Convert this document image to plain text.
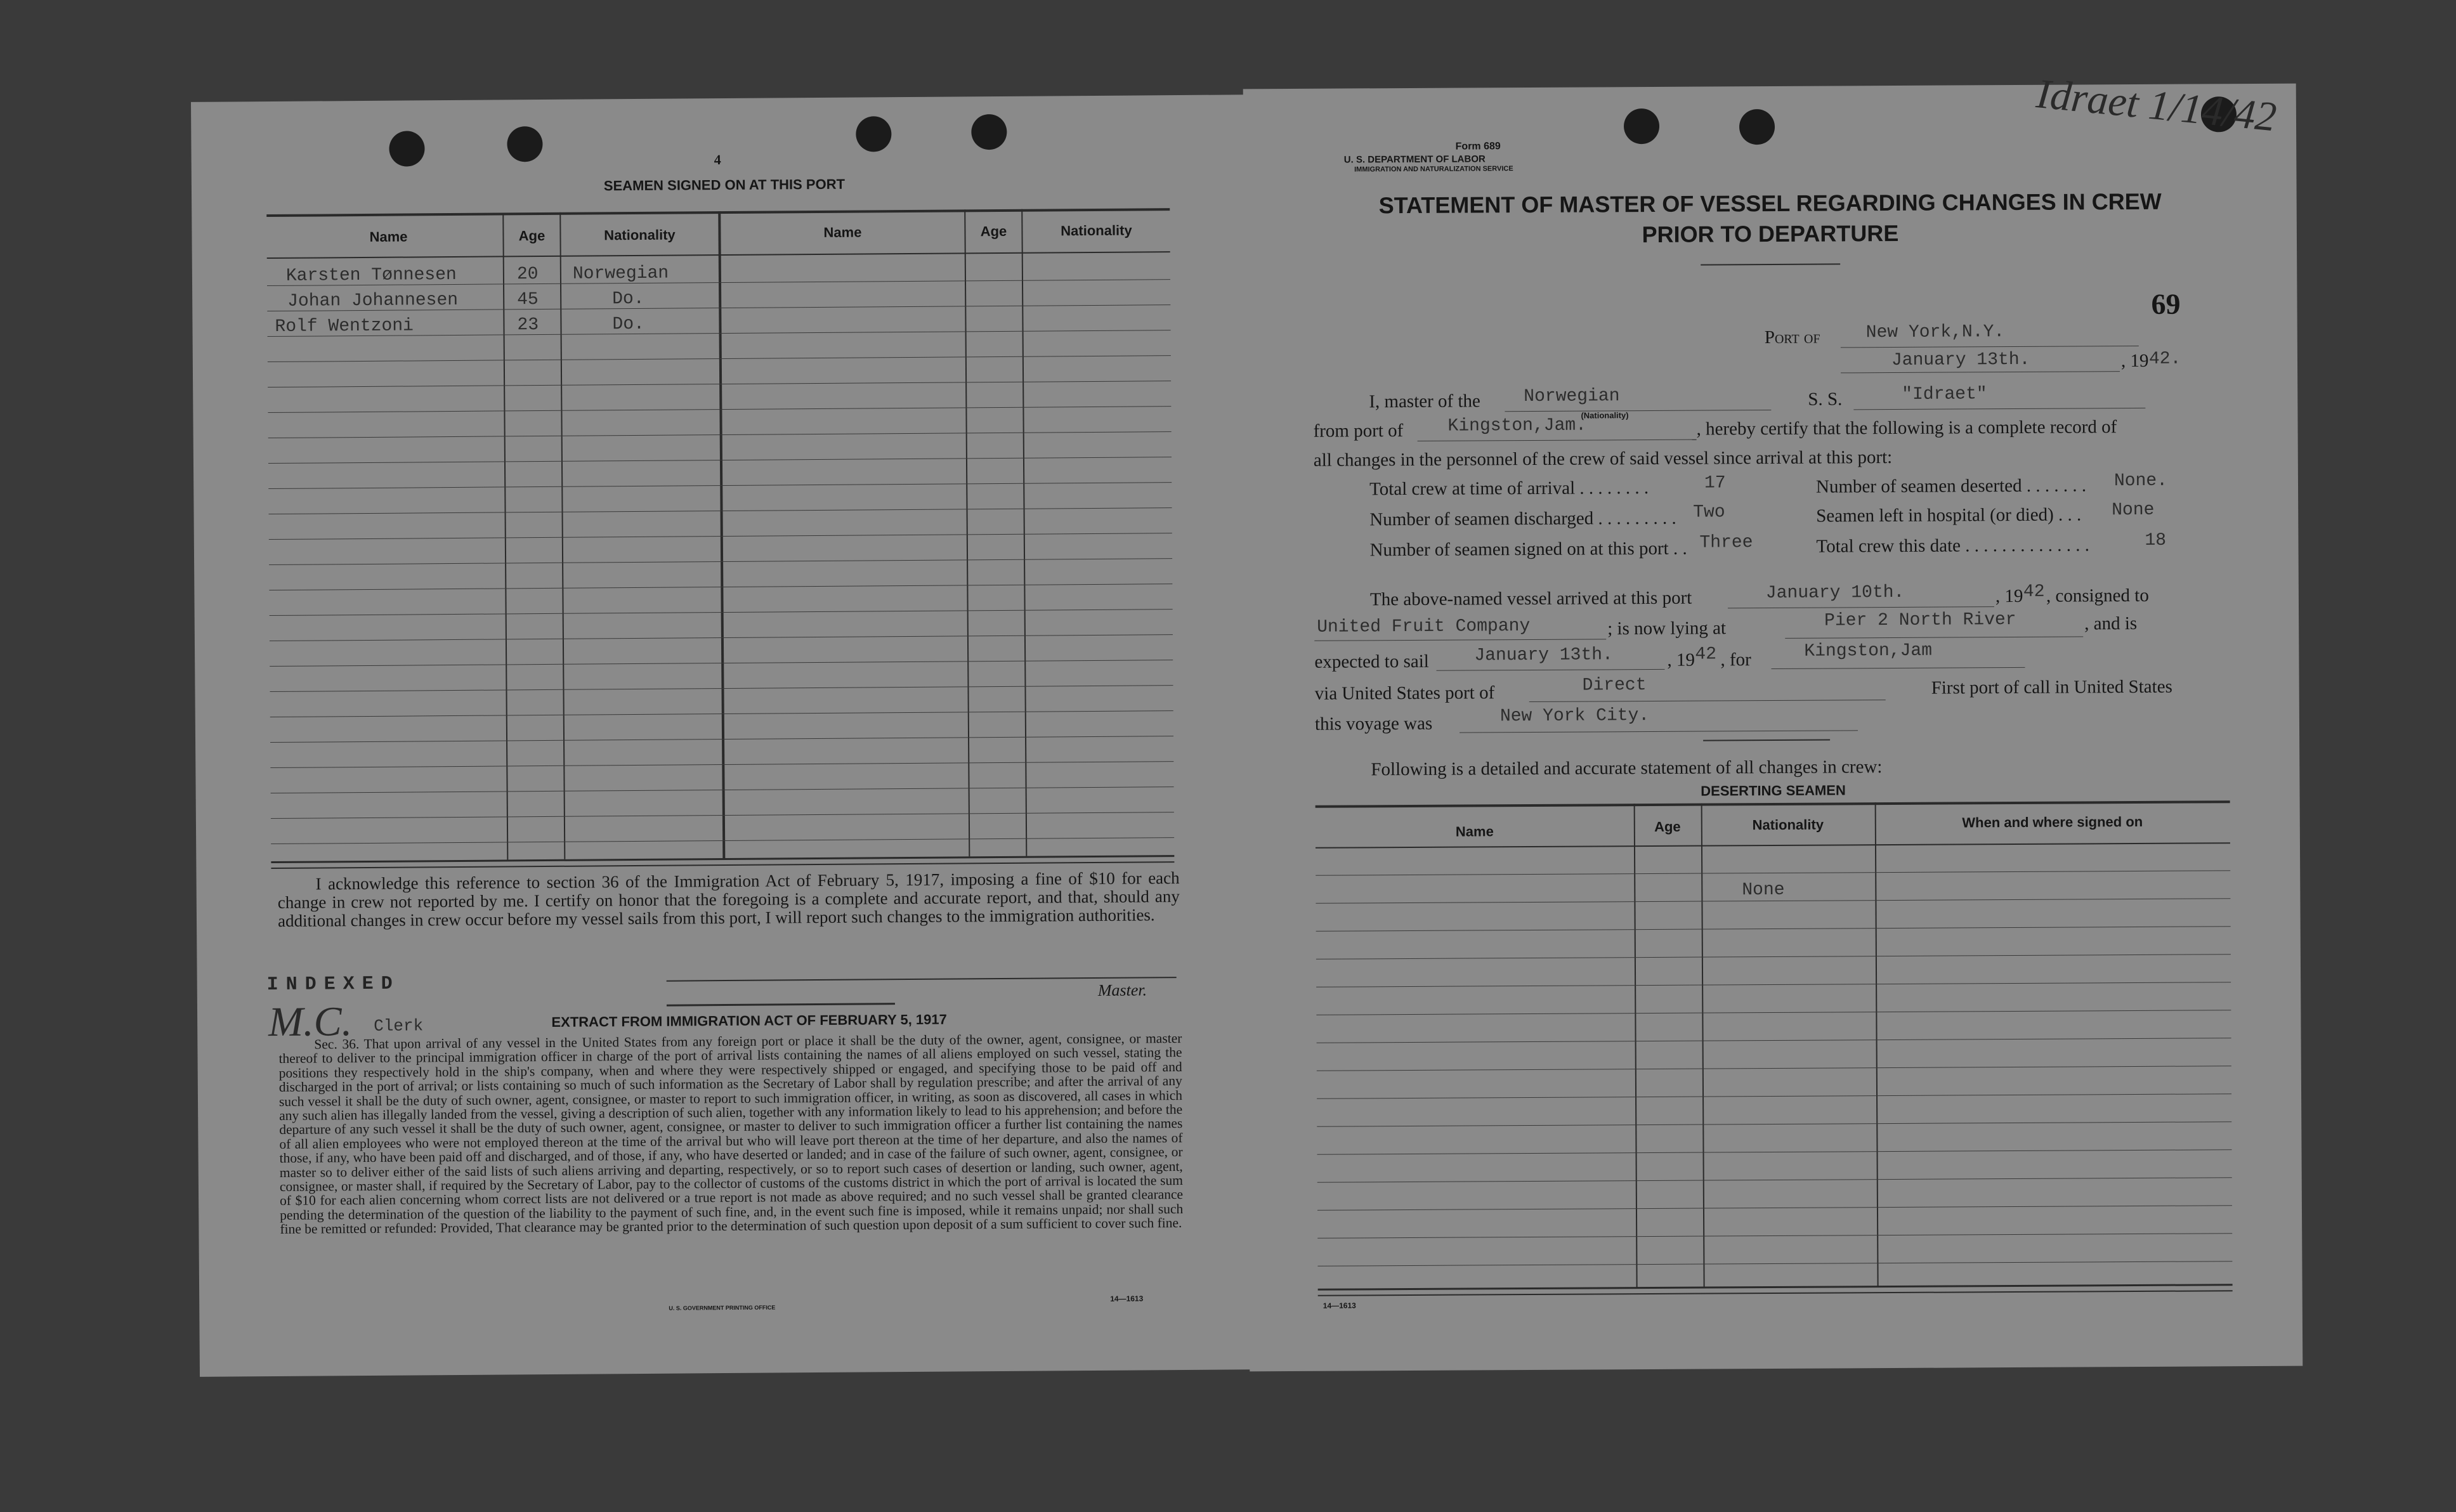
4
SEAMEN SIGNED ON AT THIS PORT
Name	Age	Nationality	Name	Age	Nationality
Karsten Tønnesen	20 Norwegian
Johan Johannesen	45	Do.
Rolf Wentzoni	23	Do.
I acknowledge this reference to section 36 of the Immigration Act of February 5, 1917, imposing a fine of $10 for each change in crew not reported by me. I certify on honor that the foregoing is a complete and accurate report, and that, should any additional changes in crew occur before my vessel sails from this port, I will report such changes to the immigration authorities.
Master.
INDEXED
M.C. Clerk	EXTRACT FROM IMMIGRATION ACT OF FEBRUARY 5, 1917
Sec. 36. That upon arrival of any vessel in the United States from any foreign port or place it shall be the duty of the owner, agent, consignee, or master thereof to deliver to the principal immigration officer in charge of the port of arrival lists containing the names of all aliens employed on such vessel, stating the positions they respectively hold in the ship's company, when and where they were respectively shipped or engaged, and specifying those to be paid off and discharged in the port of arrival; or lists containing so much of such information as the Secretary of Labor shall by regulation prescribe; and after the arrival of any such vessel it shall be the duty of such owner, agent, consignee, or master to report to such immigration officer, in writing, as soon as discovered, all cases in which any such alien has illegally landed from the vessel, giving a description of such alien, together with any information likely to lead to his apprehension; and before the departure of any such vessel it shall be the duty of such owner, agent, consignee, or master to deliver to such immigration officer a further list containing the names of all alien employees who were not employed thereon at the time of the arrival but who will leave port thereon at the time of her departure, and also the names of those, if any, who have been paid off and discharged, and of those, if any, who have deserted or landed; and in case of the failure of such owner, agent, consignee, or master so to deliver either of the said lists of such aliens arriving and departing, respectively, or so to report such cases of desertion or landing, such owner, agent, consignee, or master shall, if required by the Secretary of Labor, pay to the collector of customs of the customs district in which the port of arrival is located the sum of $10 for each alien concerning whom correct lists are not delivered or a true report is not made as above required; and no such vessel shall be granted clearance pending the determination of the question of the liability to the payment of such fine, and, in the event such fine is imposed, while it remains unpaid; nor shall such fine be remitted or refunded: Provided, That clearance may be granted prior to the determination of such question upon deposit of a sum sufficient to cover such fine.
U. S. GOVERNMENT PRINTING OFFICE
14—1613
Idraet 1/14/42
Form 689
U. S. DEPARTMENT OF LABOR
IMMIGRATION AND NATURALIZATION SERVICE
STATEMENT OF MASTER OF VESSEL REGARDING CHANGES IN CREW
PRIOR TO DEPARTURE
69
Port of	New York,N.Y.
January 13th.	, 19 42.
I, master of the Norwegian
(Nationality)
S. S.	"Idraet"
from port of	Kingston,Jam.	, hereby certify that the following is a complete record of
all changes in the personnel of the crew of said vessel since arrival at this port:
Total crew at time of arrival . . . . . . . .	17	Number of seamen deserted . . . . . . . None.
Number of seamen discharged . . . . . . . . . Two	Seamen left in hospital (or died) . . . None
Number of seamen signed on at this port . . Three	Total crew this date . . . . . . . . . . . . . .	18
The above-named vessel arrived at this port	January 10th.	, 19 42 , consigned to
United Fruit Company	; is now lying at	Pier 2 North River	, and is
expected to sail	January 13th.	, 19 42 , for	Kingston,Jam
via United States port of	Direct	First port of call in United States
this voyage was	New York City.
Following is a detailed and accurate statement of all changes in crew:
DESERTING SEAMEN
Name	Age	Nationality	When and where signed on
None
14—1613
